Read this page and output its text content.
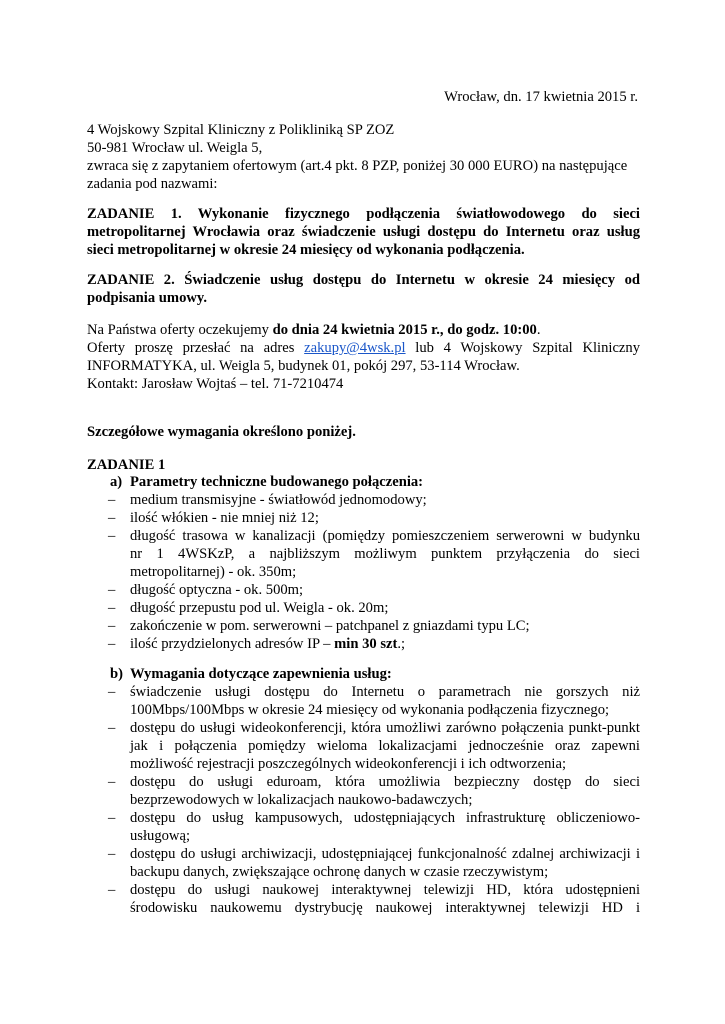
Wrocław, dn. 17 kwietnia 2015 r.
4 Wojskowy Szpital Kliniczny z Polikliniką SP ZOZ
50-981 Wrocław ul. Weigla 5,
zwraca się z zapytaniem ofertowym (art.4 pkt. 8 PZP, poniżej 30 000 EURO) na następujące
zadania pod nazwami:
ZADANIE 1. Wykonanie fizycznego podłączenia światłowodowego do sieci
metropolitarnej Wrocławia oraz świadczenie usługi dostępu do Internetu oraz usług
sieci metropolitarnej w okresie 24 miesięcy od wykonania podłączenia.
ZADANIE 2. Świadczenie usług dostępu do Internetu w okresie 24 miesięcy od
podpisania umowy.
Na Państwa oferty oczekujemy do dnia 24 kwietnia 2015 r., do godz. 10:00.
Oferty proszę przesłać na adres zakupy@4wsk.pl lub 4 Wojskowy Szpital Kliniczny
INFORMATYKA, ul. Weigla 5, budynek 01, pokój 297, 53-114 Wrocław.
Kontakt: Jarosław Wojtaś – tel. 71-7210474
Szczegółowe wymagania określono poniżej.
ZADANIE 1
a) Parametry techniczne budowanego połączenia:
– medium transmisyjne - światłowód jednomodowy;
– ilość włókien - nie mniej niż 12;
– długość trasowa w kanalizacji (pomiędzy pomieszczeniem serwerowni w budynku
nr 1 4WSKzP, a najbliższym możliwym punktem przyłączenia do sieci
metropolitarnej) - ok. 350m;
– długość optyczna - ok. 500m;
– długość przepustu pod ul. Weigla - ok. 20m;
– zakończenie w pom. serwerowni – patchpanel z gniazdami typu LC;
– ilość przydzielonych adresów IP – min 30 szt.;
b) Wymagania dotyczące zapewnienia usług:
– świadczenie usługi dostępu do Internetu o parametrach nie gorszych niż
100Mbps/100Mbps w okresie 24 miesięcy od wykonania podłączenia fizycznego;
– dostępu do usługi wideokonferencji, która umożliwi zarówno połączenia punkt-punkt
jak i połączenia pomiędzy wieloma lokalizacjami jednocześnie oraz zapewni
możliwość rejestracji poszczególnych wideokonferencji i ich odtworzenia;
– dostępu do usługi eduroam, która umożliwia bezpieczny dostęp do sieci
bezprzewodowych w lokalizacjach naukowo-badawczych;
– dostępu do usług kampusowych, udostępniających infrastrukturę obliczeniowo-
usługową;
– dostępu do usługi archiwizacji, udostępniającej funkcjonalność zdalnej archiwizacji i
backupu danych, zwiększające ochronę danych w czasie rzeczywistym;
– dostępu do usługi naukowej interaktywnej telewizji HD, która udostępnieni
środowisku naukowemu dystrybucję naukowej interaktywnej telewizji HD i
